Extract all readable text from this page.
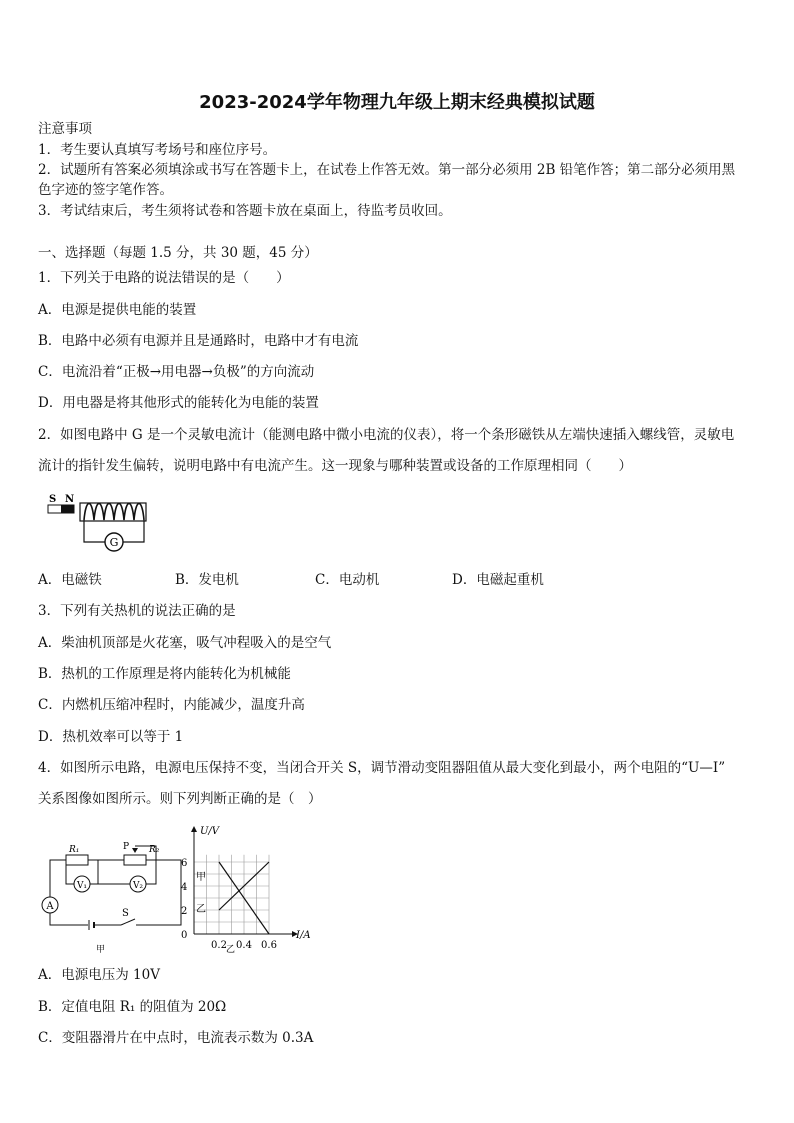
2023-2024学年物理九年级上期末经典模拟试题
注意事项
1．考生要认真填写考场号和座位序号。
2．试题所有答案必须填涂或书写在答题卡上，在试卷上作答无效。第一部分必须用 2B 铅笔作答；第二部分必须用黑
色字迹的签字笔作答。
3．考试结束后，考生须将试卷和答题卡放在桌面上，待监考员收回。
一、选择题（每题 1.5 分，共 30 题，45 分）
1．下列关于电路的说法错误的是（　　）
A．电源是提供电能的装置
B．电路中必须有电源并且是通路时，电路中才有电流
C．电流沿着“正极→用电器→负极”的方向流动
D．用电器是将其他形式的能转化为电能的装置
2．如图电路中 G 是一个灵敏电流计（能测电路中微小电流的仪表），将一个条形磁铁从左端快速插入螺线管，灵敏电
流计的指针发生偏转，说明电路中有电流产生。这一现象与哪种装置或设备的工作原理相同（　　）
S N
G
A．电磁铁	B．发电机	C．电动机	D．电磁起重机
3．下列有关热机的说法正确的是
A．柴油机顶部是火花塞，吸气冲程吸入的是空气
B．热机的工作原理是将内能转化为机械能
C．内燃机压缩冲程时，内能减少，温度升高
D．热机效率可以等于 1
4．如图所示电路，电源电压保持不变，当闭合开关 S，调节滑动变阻器阻值从最大变化到最小，两个电阻的“U—I”
关系图像如图所示。则下列判断正确的是（　）
A
S
R₁	R₂
P
V₁	V₂
甲
U/V
I/A
0
2
4
6
0.2 0.4 0.6
甲
乙
乙
A．电源电压为 10V
B．定值电阻 R₁ 的阻值为 20Ω
C．变阻器滑片在中点时，电流表示数为 0.3A
